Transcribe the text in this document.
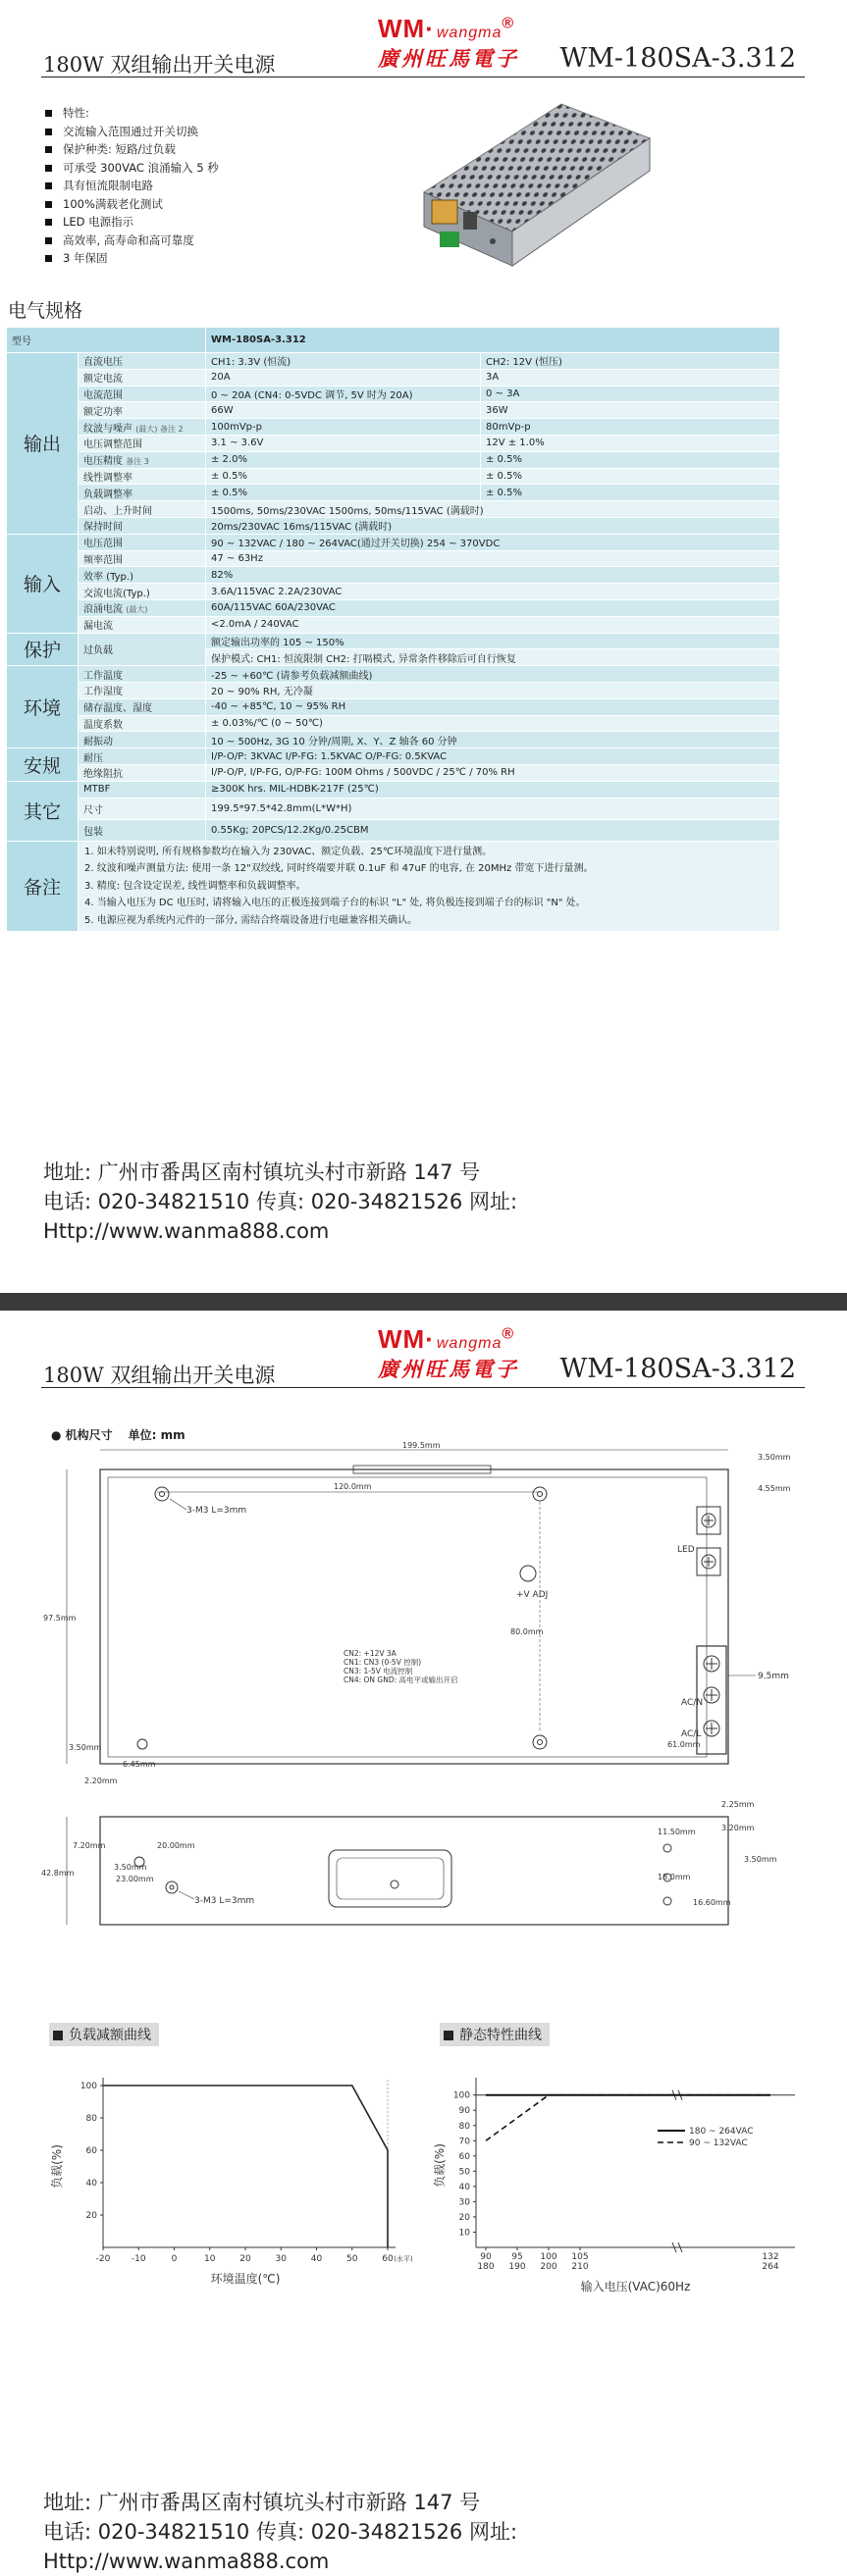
WM· wangma®
廣州旺馬電子
180W 双组输出开关电源	WM-180SA-3.312
特性:
交流输入范围通过开关切换
保护种类: 短路/过负载
可承受 300VAC 浪涌输入 5 秒
具有恒流限制电路
100%满载老化测试
LED 电源指示
高效率, 高寿命和高可靠度
3 年保固
电气规格
型号		WM-180SA-3.312	
输出	直流电压	CH1: 3.3V (恒流)	CH2: 12V (恒压)
	额定电流	20A	3A
	电流范围	0 ~ 20A (CN4: 0-5VDC 调节, 5V 时为 20A)	0 ~ 3A
	额定功率	66W	36W
	纹波与噪声 (最大) 备注 2	100mVp-p	80mVp-p
	电压调整范围	3.1 ~ 3.6V	12V ± 1.0%
	电压精度 备注 3	± 2.0%	± 0.5%
	线性调整率	± 0.5%	± 0.5%
	负载调整率	± 0.5%	± 0.5%
	启动、上升时间	1500ms, 50ms/230VAC 1500ms, 50ms/115VAC (满载时)	
	保持时间	20ms/230VAC 16ms/115VAC (满载时)	
输入	电压范围	90 ~ 132VAC / 180 ~ 264VAC(通过开关切换) 254 ~ 370VDC	
	频率范围	47 ~ 63Hz	
	效率 (Typ.)	82%	
	交流电流(Typ.)	3.6A/115VAC 2.2A/230VAC	
	浪涌电流 (最大)	60A/115VAC 60A/230VAC	
	漏电流	<2.0mA / 240VAC	
保护	过负载	额定输出功率的 105 ~ 150%	
		保护模式: CH1: 恒流限制 CH2: 打嗝模式, 异常条件移除后可自行恢复	
环境	工作温度	-25 ~ +60℃ (请参考负载减额曲线)	
	工作湿度	20 ~ 90% RH, 无冷凝	
	储存温度、湿度	-40 ~ +85℃, 10 ~ 95% RH	
	温度系数	± 0.03%/℃ (0 ~ 50℃)	
	耐振动	10 ~ 500Hz, 3G 10 分钟/周期, X、Y、Z 轴各 60 分钟	
安规	耐压	I/P-O/P: 3KVAC I/P-FG: 1.5KVAC O/P-FG: 0.5KVAC	
	绝缘阻抗	I/P-O/P, I/P-FG, O/P-FG: 100M Ohms / 500VDC / 25℃ / 70% RH	
其它	MTBF	≥300K hrs. MIL-HDBK-217F (25℃)	
	尺寸	199.5*97.5*42.8mm(L*W*H)	
	包装	0.55Kg; 20PCS/12.2Kg/0.25CBM	
备注	1. 如未特别说明, 所有规格参数均在输入为 230VAC、额定负载、25℃环境温度下进行量测。
2. 纹波和噪声测量方法: 使用一条 12"双绞线, 同时终端要并联 0.1uF 和 47uF 的电容, 在 20MHz 带宽下进行量测。
3. 精度: 包含设定误差, 线性调整率和负载调整率。
4. 当输入电压为 DC 电压时, 请将输入电压的正极连接到端子台的标识 "L" 处, 将负极连接到端子台的标识 "N" 处。
5. 电源应视为系统内元件的一部分, 需结合终端设备进行电磁兼容相关确认。		
地址: 广州市番禺区南村镇坑头村市新路 147 号
电话: 020-34821510 传真: 020-34821526 网址:
Http://www.wanma888.com
WM· wangma®
廣州旺馬電子
180W 双组输出开关电源	WM-180SA-3.312
● 机构尺寸 单位: mm
199.5mm
120.0mm
97.5mm
3-M3 L=3mm
80.0mm
+V ADJ
CN2: +12V 3A
CN1: CN3 (0-5V 控制)
CN3: 1-5V 电流控制
CN4: ON GND: 高电平或输出开启
LED
AC/N
AC/L
9.5mm
3.50mm
4.55mm
3.50mm
6.45mm
2.20mm
61.0mm
3-M3 L=3mm
42.8mm
7.20mm	20.00mm
3.50mm
23.00mm
2.25mm
11.50mm	3.20mm
18.0mm
16.60mm
3.50mm
负载减额曲线	静态特性曲线
20
40
60
80
100
-20 -10	0	10	20	30	40	50	60 (水平)
环境温度(℃)
负载(%)
10
20
30
40
50
60
70
80
90
100
90
180
95
190
100
200
105
210
132
264
180 ~ 264VAC
90 ~ 132VAC
输入电压(VAC)60Hz
负载(%)
地址: 广州市番禺区南村镇坑头村市新路 147 号
电话: 020-34821510 传真: 020-34821526 网址:
Http://www.wanma888.com
